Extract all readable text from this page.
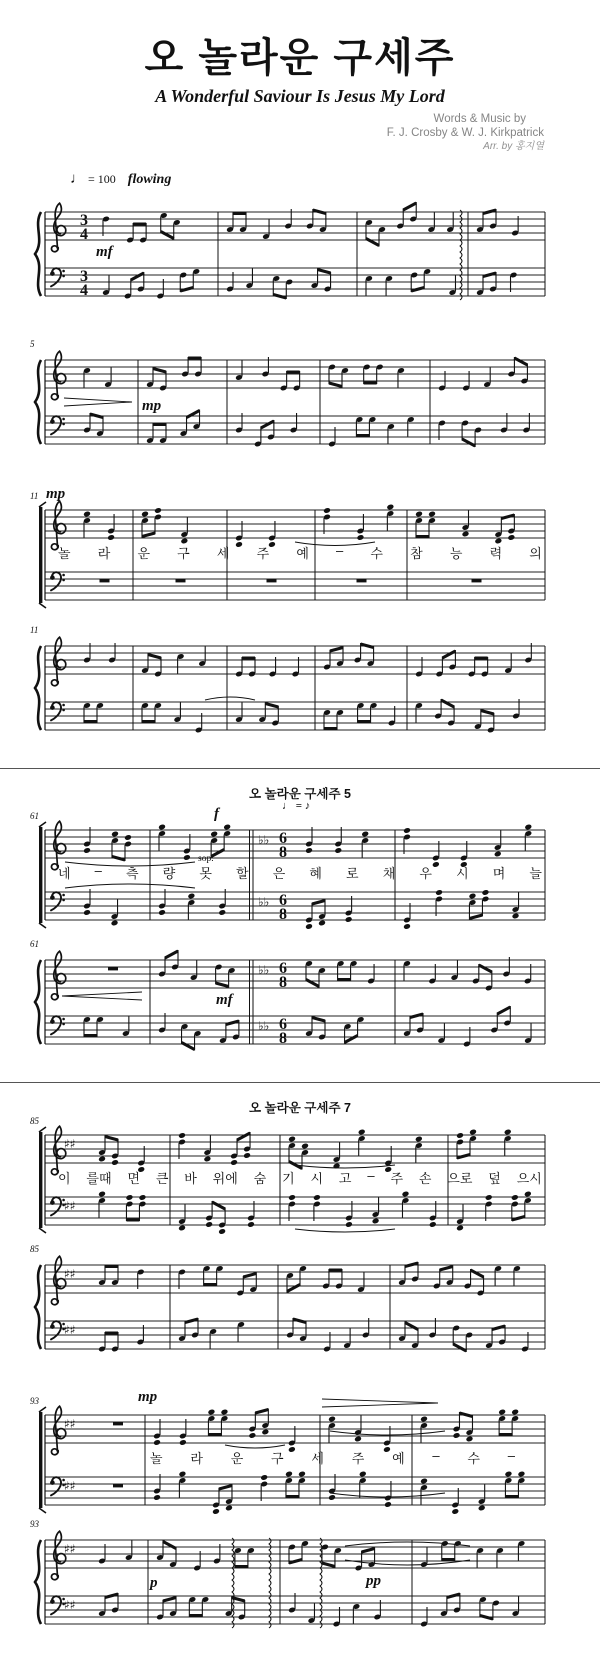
오 놀라운 구세주
A Wonderful Saviour Is Jesus My Lord
Words & Music by
F. J. Crosby & W. J. Kirkpatrick
Arr. by 홍지열
오 놀라운 구세주 5
오 놀라운 구세주 7
3
4
3
4
mf
♩ = 100 flowing
5
mp
11 mp
놀 라 운 구 세 주 예 – 수 참 능 력 의
11
♭♭ 6
8
♭♭ 6
8
61	f
sop.
♩ = ♪
네 – 측 량 못 할 은 혜 로 채 우 시 며 늘
♭♭ 6
8
♭♭ 6
8
61
mf
♯♯
♯♯
85
이 를때 면 큰 바 위에 숨 기 시 고 – 주 손 으로 덮 으시
♯♯
♯♯
85
♯♯
♯♯
93	mp
놀 라 운 구 세 주 예 – 수 –
♯♯
♯♯
93
p	pp
